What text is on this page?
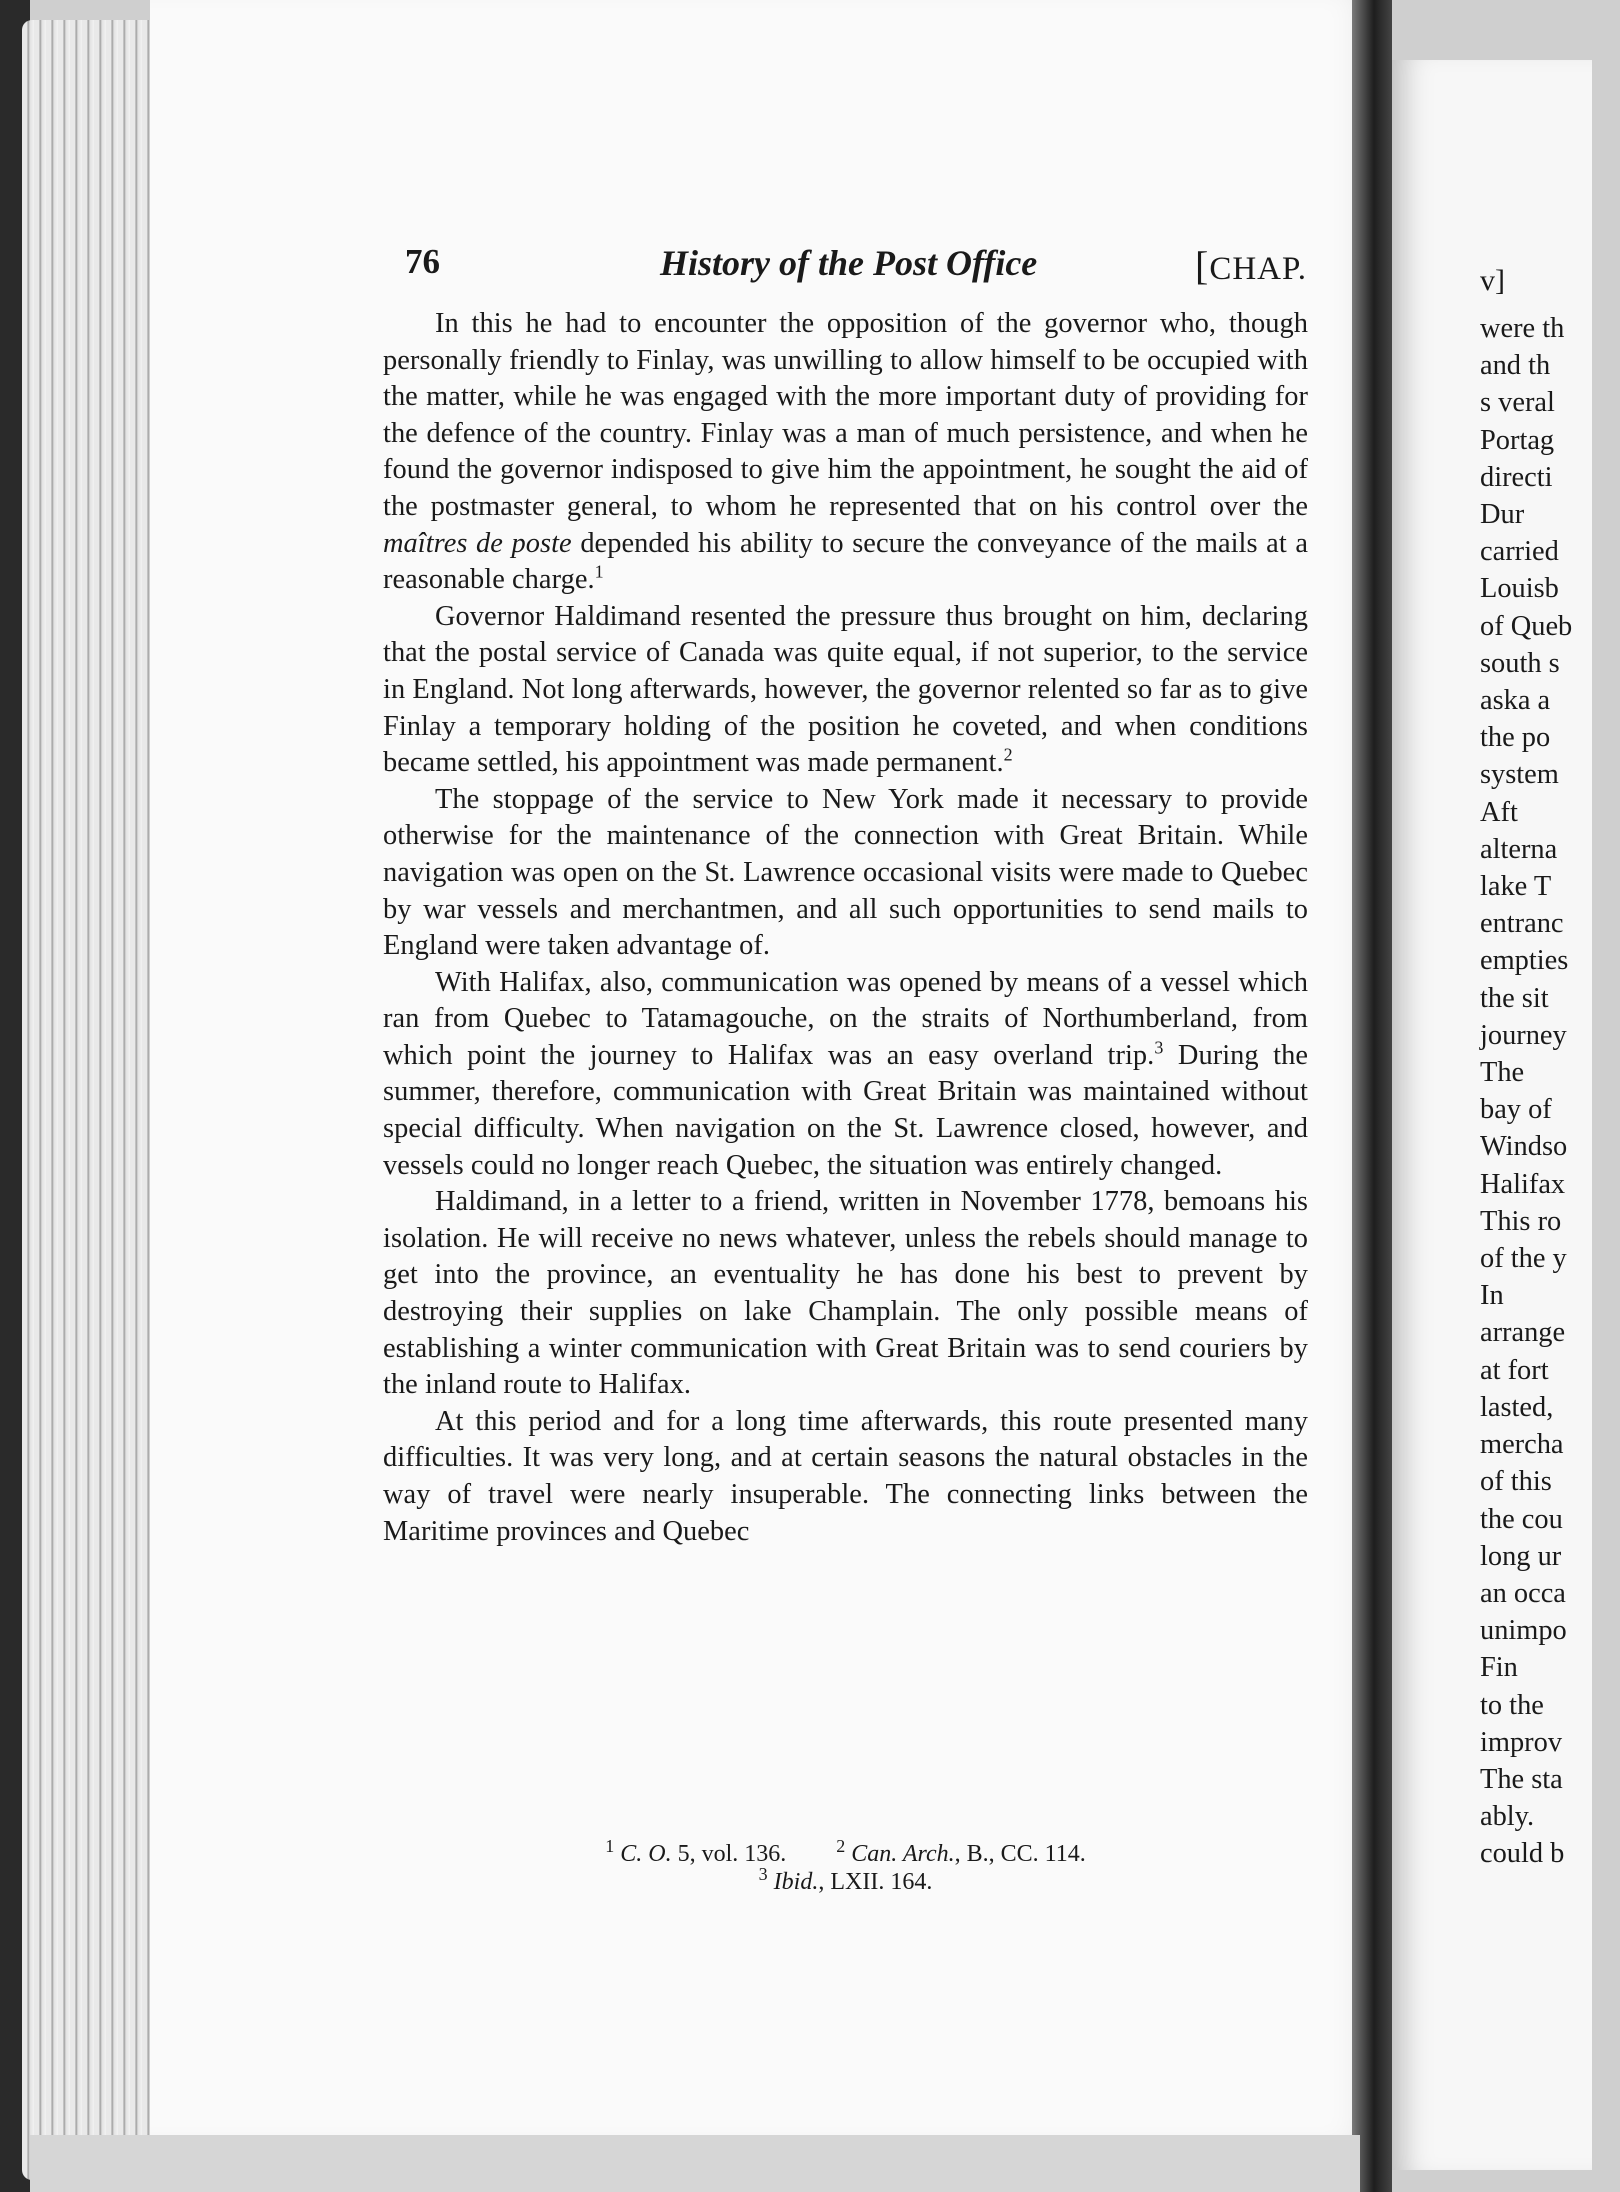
76	History of the Post Office	[CHAP.

In this he had to encounter the opposition of the governor who, though personally friendly to Finlay, was unwilling to allow himself to be occupied with the matter, while he was engaged with the more important duty of providing for the defence of the country. Finlay was a man of much persistence, and when he found the governor indisposed to give him the appointment, he sought the aid of the postmaster general, to whom he represented that on his control over the maîtres de poste depended his ability to secure the conveyance of the mails at a reasonable charge.$^1$

Governor Haldimand resented the pressure thus brought on him, declaring that the postal service of Canada was quite equal, if not superior, to the service in England. Not long afterwards, however, the governor relented so far as to give Finlay a temporary holding of the position he coveted, and when conditions became settled, his appointment was made permanent.$^2$

The stoppage of the service to New York made it necessary to provide otherwise for the maintenance of the connection with Great Britain. While navigation was open on the St. Lawrence occasional visits were made to Quebec by war vessels and merchantmen, and all such opportunities to send mails to England were taken advantage of.

With Halifax, also, communication was opened by means of a vessel which ran from Quebec to Tatamagouche, on the straits of Northumberland, from which point the journey to Halifax was an easy overland trip.$^3$ During the summer, therefore, communication with Great Britain was maintained without special difficulty. When navigation on the St. Lawrence closed, however, and vessels could no longer reach Quebec, the situation was entirely changed.

Haldimand, in a letter to a friend, written in November 1778, bemoans his isolation. He will receive no news whatever, unless the rebels should manage to get into the province, an eventuality he has done his best to prevent by destroying their supplies on lake Champlain. The only possible means of establishing a winter communication with Great Britain was to send couriers by the inland route to Halifax.

At this period and for a long time afterwards, this route presented many difficulties. It was very long, and at certain seasons the natural obstacles in the way of travel were nearly insuperable. The connecting links between the Maritime provinces and Quebec

$^1$ C. O. 5, vol. 136.	$^2$ Can. Arch., B., CC. 114.
$^3$ Ibid., LXII. 164.
v]
were th
and th
s veral
Portag
directi
Dur
carried
Louisb
of Queb
south s
aska a
the po
system
Aft
alterna
lake T
entranc
empties
the sit
journey
The
bay of
Windso
Halifax
This ro
of the y
In
arrange
at fort
lasted,
mercha
of this
the cou
long ur
an occa
unimpo
Fin
to the
improv
The sta
ably.
could b
